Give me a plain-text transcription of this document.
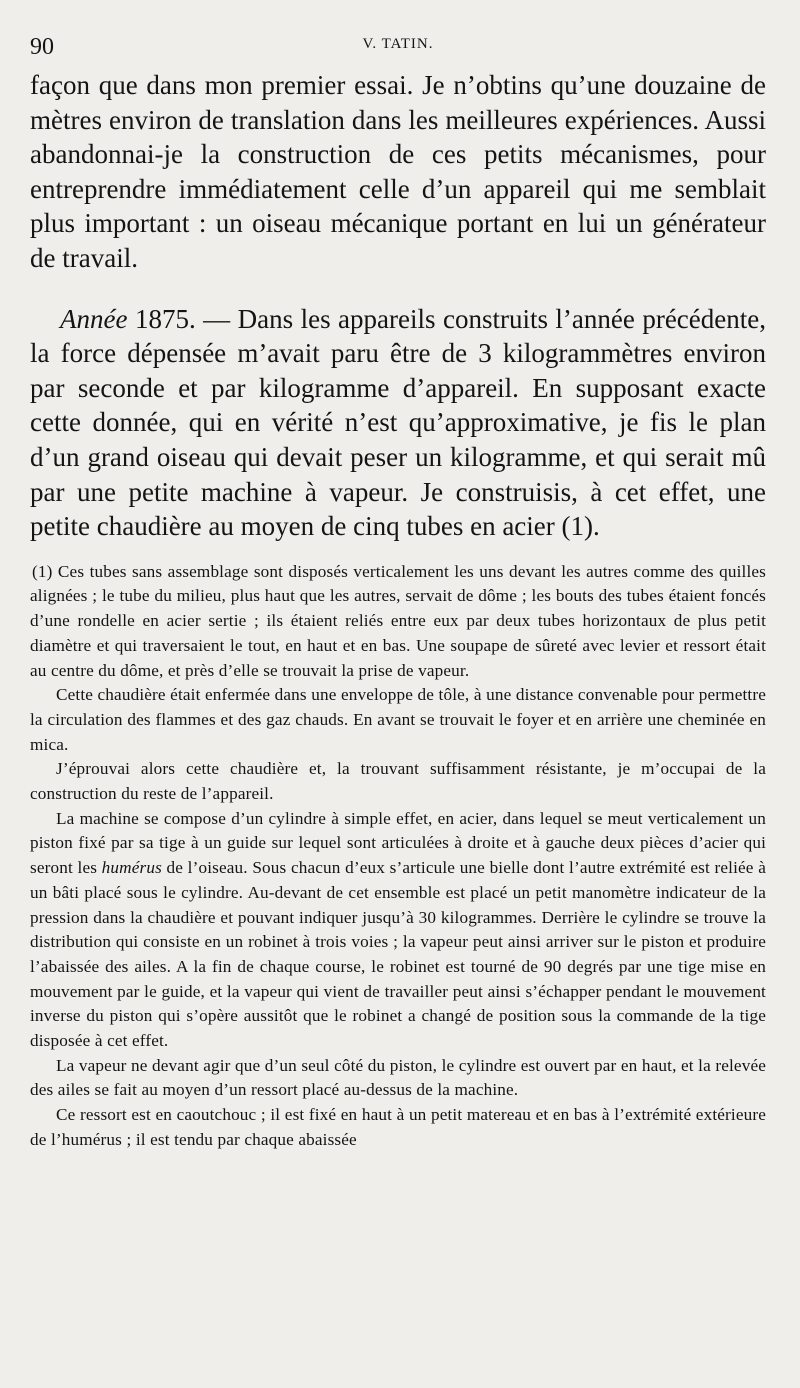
90	V. TATIN.

façon que dans mon premier essai. Je n’obtins qu’une douzaine de mètres environ de translation dans les meilleures expériences. Aussi abandonnai-je la construction de ces petits mécanismes, pour entreprendre immédiatement celle d’un appareil qui me semblait plus important : un oiseau mécanique portant en lui un générateur de travail.

Année 1875. — Dans les appareils construits l’année précédente, la force dépensée m’avait paru être de 3 kilogrammètres environ par seconde et par kilogramme d’appareil. En supposant exacte cette donnée, qui en vérité n’est qu’approximative, je fis le plan d’un grand oiseau qui devait peser un kilogramme, et qui serait mû par une petite machine à vapeur. Je construisis, à cet effet, une petite chaudière au moyen de cinq tubes en acier (1).

(1) Ces tubes sans assemblage sont disposés verticalement les uns devant les autres comme des quilles alignées ; le tube du milieu, plus haut que les autres, servait de dôme ; les bouts des tubes étaient foncés d’une rondelle en acier sertie ; ils étaient reliés entre eux par deux tubes horizontaux de plus petit diamètre et qui traversaient le tout, en haut et en bas. Une soupape de sûreté avec levier et ressort était au centre du dôme, et près d’elle se trouvait la prise de vapeur.

Cette chaudière était enfermée dans une enveloppe de tôle, à une distance convenable pour permettre la circulation des flammes et des gaz chauds. En avant se trouvait le foyer et en arrière une cheminée en mica.

J’éprouvai alors cette chaudière et, la trouvant suffisamment résistante, je m’occupai de la construction du reste de l’appareil.

La machine se compose d’un cylindre à simple effet, en acier, dans lequel se meut verticalement un piston fixé par sa tige à un guide sur lequel sont articulées à droite et à gauche deux pièces d’acier qui seront les humérus de l’oiseau. Sous chacun d’eux s’articule une bielle dont l’autre extrémité est reliée à un bâti placé sous le cylindre. Au-devant de cet ensemble est placé un petit manomètre indicateur de la pression dans la chaudière et pouvant indiquer jusqu’à 30 kilogrammes. Derrière le cylindre se trouve la distribution qui consiste en un robinet à trois voies ; la vapeur peut ainsi arriver sur le piston et produire l’abaissée des ailes. A la fin de chaque course, le robinet est tourné de 90 degrés par une tige mise en mouvement par le guide, et la vapeur qui vient de travailler peut ainsi s’échapper pendant le mouvement inverse du piston qui s’opère aussitôt que le robinet a changé de position sous la commande de la tige disposée à cet effet.

La vapeur ne devant agir que d’un seul côté du piston, le cylindre est ouvert par en haut, et la relevée des ailes se fait au moyen d’un ressort placé au-dessus de la machine.

Ce ressort est en caoutchouc ; il est fixé en haut à un petit matereau et en bas à l’extrémité extérieure de l’humérus ; il est tendu par chaque abaissée
